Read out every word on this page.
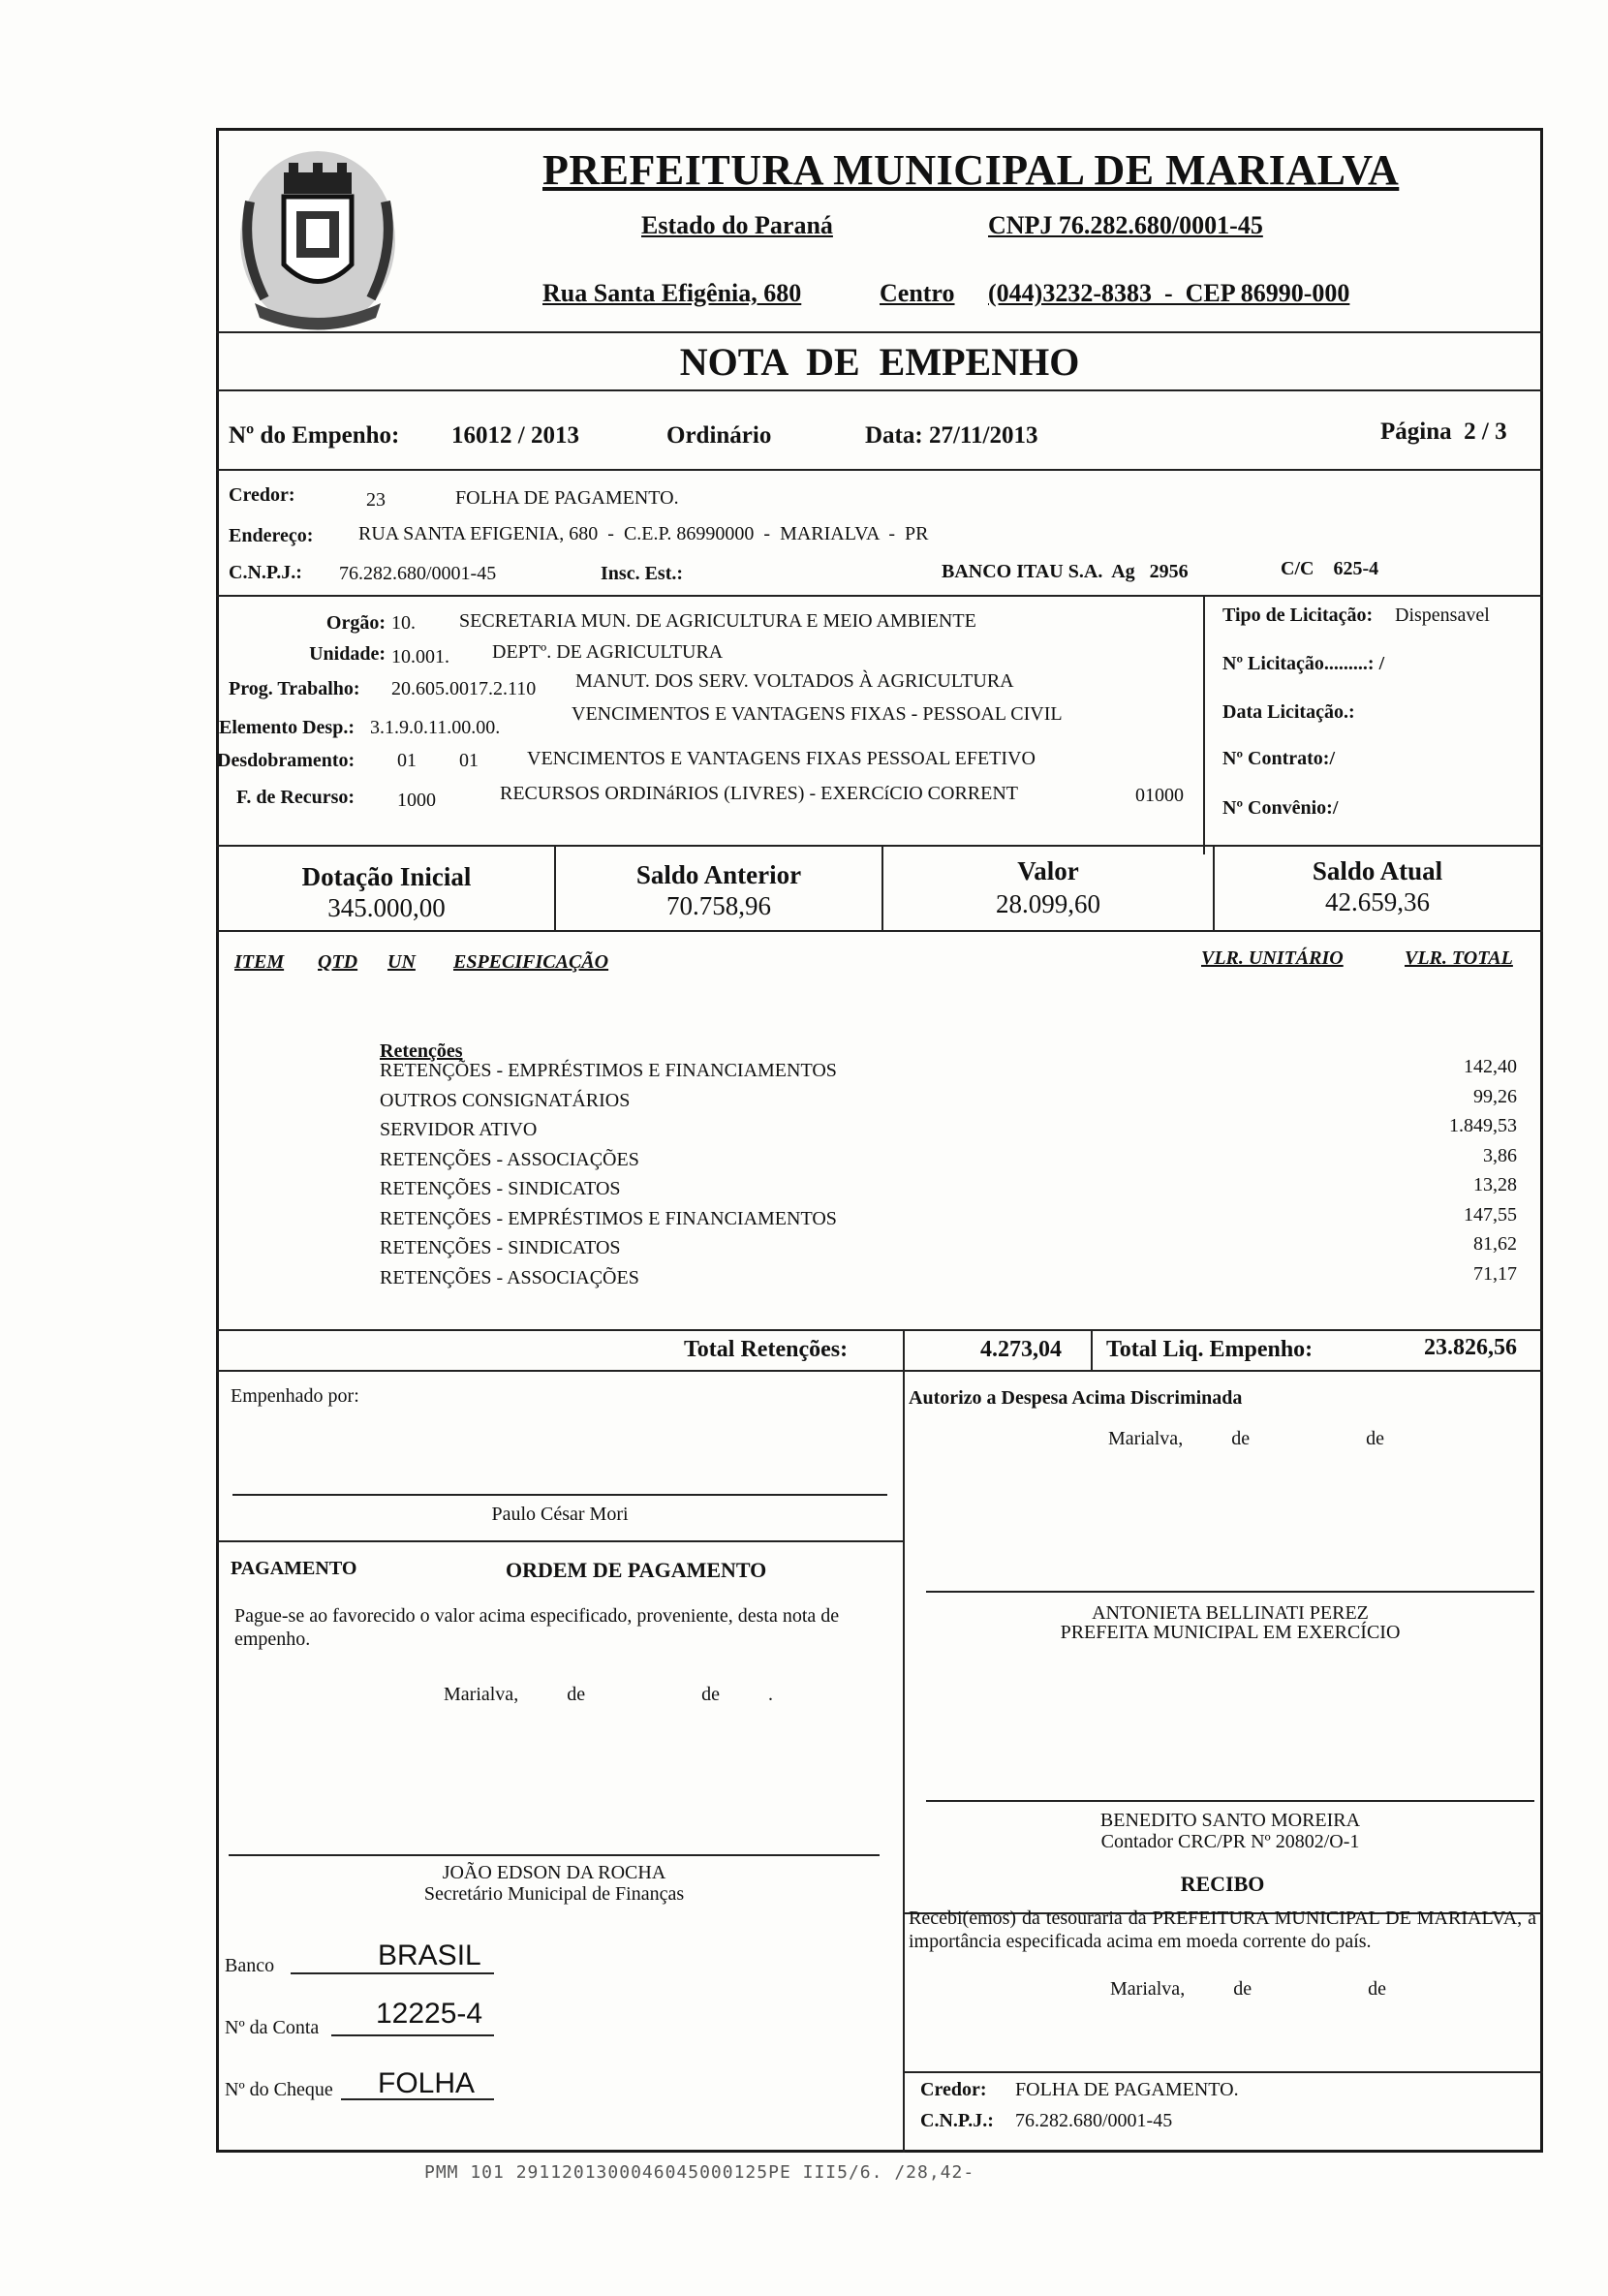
PREFEITURA MUNICIPAL DE MARIALVA
Estado do Paraná	CNPJ 76.282.680/0001-45
Rua Santa Efigênia, 680	Centro (044)3232-8383  -  CEP 86990-000
NOTA  DE  EMPENHO
Nº do Empenho: 16012 / 2013	Ordinário	Data: 27/11/2013	Página  2 / 3
Credor:	23	FOLHA DE PAGAMENTO.
Endereço: RUA SANTA EFIGENIA, 680  -  C.E.P. 86990000  -  MARIALVA  -  PR
C.N.P.J.: 76.282.680/0001-45	Insc. Est.:	BANCO ITAU S.A.  Ag   2956	C/C    625-4
Orgão: 10. SECRETARIA MUN. DE AGRICULTURA E MEIO AMBIENTE
Unidade: 10.001. DEPTº. DE AGRICULTURA
Prog. Trabalho: 20.605.0017.2.110 MANUT. DOS SERV. VOLTADOS À AGRICULTURA
Elemento Desp.: 3.1.9.0.11.00.00.
VENCIMENTOS E VANTAGENS FIXAS - PESSOAL CIVIL
Desdobramento: 01 01	VENCIMENTOS E VANTAGENS FIXAS PESSOAL EFETIVO
F. de Recurso: 1000	RECURSOS ORDINáRIOS (LIVRES) - EXERCíCIO CORRENT	01000
Tipo de Licitação: Dispensavel
Nº Licitação.........: /
Data Licitação.:
Nº Contrato:/
Nº Convênio:/
Dotação Inicial
345.000,00
Saldo Anterior
70.758,96
Valor
28.099,60
Saldo Atual
42.659,36
ITEM QTD UN ESPECIFICAÇÃO	VLR. UNITÁRIO	VLR. TOTAL
Retenções
RETENÇÕES - EMPRÉSTIMOS E FINANCIAMENTOS	142,40
OUTROS CONSIGNATÁRIOS	99,26
SERVIDOR ATIVO	1.849,53
RETENÇÕES - ASSOCIAÇÕES	3,86
RETENÇÕES - SINDICATOS	13,28
RETENÇÕES - EMPRÉSTIMOS E FINANCIAMENTOS	147,55
RETENÇÕES - SINDICATOS	81,62
RETENÇÕES - ASSOCIAÇÕES	71,17
Total Retenções:	4.273,04 Total Liq. Empenho:	23.826,56
Empenhado por:	Autorizo a Despesa Acima Discriminada
Marialva,          de                        de
Paulo César Mori
PAGAMENTO	ORDEM DE PAGAMENTO
Pague-se ao favorecido o valor acima especificado, proveniente, desta nota de empenho.
Marialva,          de                        de          .
ANTONIETA BELLINATI PEREZ
PREFEITA MUNICIPAL EM EXERCÍCIO
BENEDITO SANTO MOREIRA
Contador CRC/PR Nº 20802/O-1
JOÃO EDSON DA ROCHA
Secretário Municipal de Finanças	RECIBO
Recebi(emos) da tesouraria da PREFEITURA MUNICIPAL DE MARIALVA, a importância especificada acima em moeda corrente do país.
Marialva,          de                        de
Banco	BRASIL
Nº da Conta 12225-4
Nº do Cheque FOLHA	Credor: FOLHA DE PAGAMENTO.
C.N.P.J.: 76.282.680/0001-45
PMM 101 2911201300046045000125PE III5/6. /28,42-
